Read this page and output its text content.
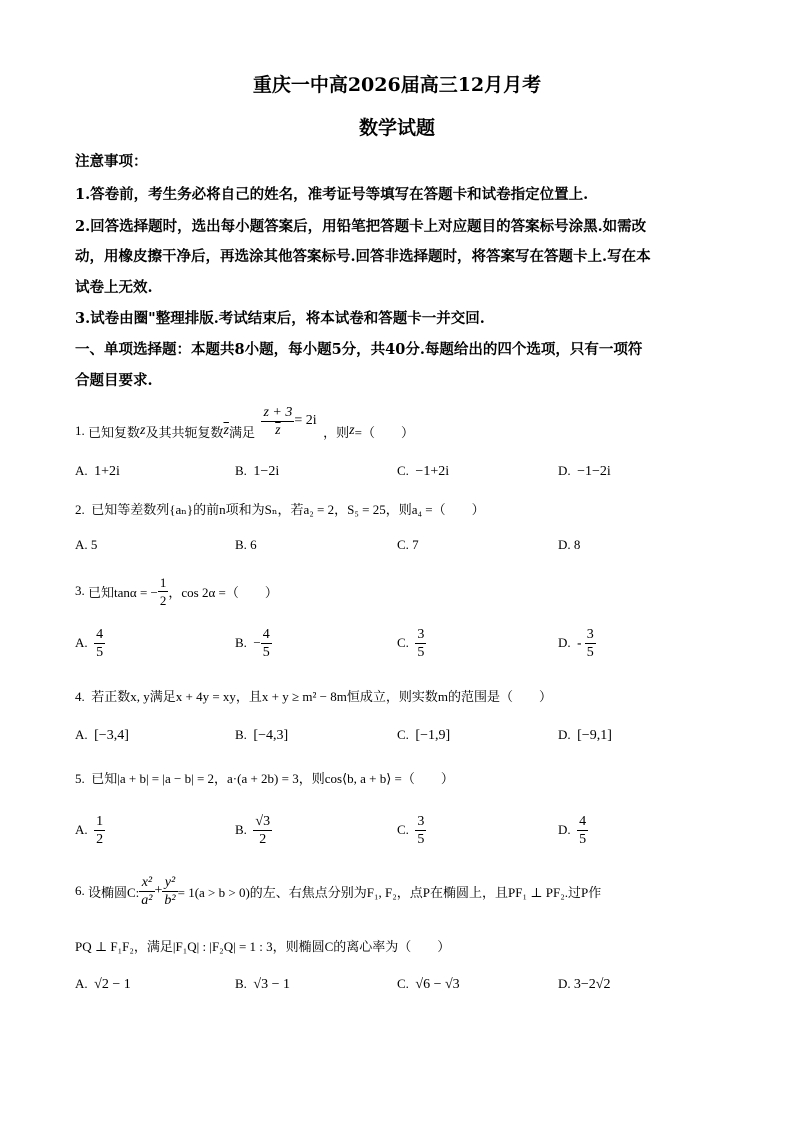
重庆一中高2026届高三12月月考
数学试题
注意事项：
1.答卷前，考生务必将自己的姓名，准考证号等填写在答题卡和试卷指定位置上.
2.回答选择题时，选出每小题答案后，用铅笔把答题卡上对应题目的答案标号涂黑.如需改
动，用橡皮擦干净后，再选涂其他答案标号.回答非选择题时，将答案写在答题卡上.写在本
试卷上无效.
3.试卷由圈"整理排版.考试结束后，将本试卷和答题卡一并交回.
一、单项选择题：本题共8小题，每小题5分，共40分.每题给出的四个选项，只有一项符
合题目要求.
1.
已知复数 z 及其共轭复数 $\overline{z}$ 满足
$\frac{z + 3}{z} = 2i$

，则 z =（　　）
A. 1+2i	B. 1−2i	C. −1+2i	D. −1−2i
2. 已知等差数列{aₙ}的前n项和为Sₙ，若a₂ = 2，S₅ = 25，则a₄ =（　　）
A. 5	B. 6	C. 7	D. 8
3.
已知tanα = − $\frac{1}{2}$ ，cos 2α =（　　）
A.
$\frac{4}{5}$	B.
− $\frac{4}{5}$	C.
$\frac{3}{5}$	D.
-
$\frac{3}{5}$
4. 若正数x, y满足x + 4y = xy，且x + y ≥ m² − 8m恒成立，则实数m的范围是（　　）
A. [−3,4]	B. [−4,3]	C. [−1,9]	D. [−9,1]
5. 已知|a + b| = |a − b| = 2，a·(a + 2b) = 3，则cos⟨b, a + b⟩ =（　　）
A.
$\frac{1}{2}$	B.
$\frac{√3}{2}$	C.
$\frac{3}{5}$	D.
$\frac{4}{5}$
6.
设椭圆C: $\frac{\text{x²}}{\text{a²}} + \frac{\text{y²}}{\text{b²}} = 1(a > b > 0)$的左、右焦点分别为F₁, F₂，点P在椭圆上，且PF₁ ⊥ PF₂.过P作
PQ ⊥ F₁F₂，满足|F₁Q| : |F₂Q| = 1 : 3，则椭圆C的离心率为（　　）
A. √2 − 1	B. √3 − 1	C. √6 − √3	D. 3−2√2
